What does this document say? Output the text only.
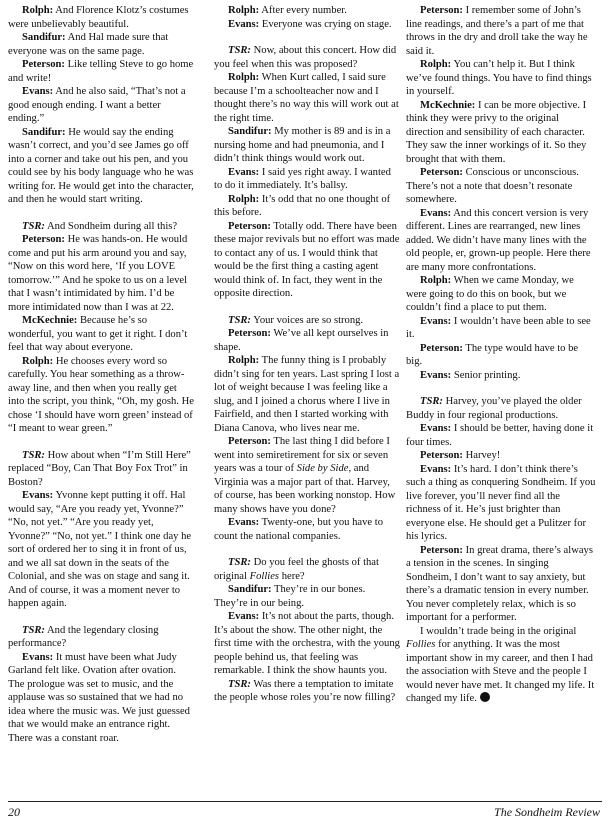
Rolph: And Florence Klotz’s costumes were unbelievably beautiful.

Sandifur: And Hal made sure that everyone was on the same page.

Peterson: Like telling Steve to go home and write!

Evans: And he also said, “That’s not a good enough ending. I want a better ending.”

Sandifur: He would say the ending wasn’t correct, and you’d see James go off into a corner and take out his pen, and you could see by his body language who he was writing for. He would get into the character, and then he would start writing.

TSR: And Sondheim during all this?

Peterson: He was hands-on. He would come and put his arm around you and say, “Now on this word here, ‘If you LOVE tomorrow.’” And he spoke to us on a level that I wasn’t intimidated by him. I’d be more intimidated now than I was at 22.

McKechnie: Because he’s so wonderful, you want to get it right. I don’t feel that way about everyone.

Rolph: He chooses every word so carefully. You hear something as a throw-away line, and then when you really get into the script, you think, “Oh, my gosh. He chose ‘I should have worn green’ instead of “I meant to wear green.”

TSR: How about when “I’m Still Here” replaced “Boy, Can That Boy Fox Trot” in Boston?

Evans: Yvonne kept putting it off. Hal would say, “Are you ready yet, Yvonne?” “No, not yet.” “Are you ready yet, Yvonne?” “No, not yet.” I think one day he sort of ordered her to sing it in front of us, and we all sat down in the seats of the Colonial, and she was on stage and sang it. And of course, it was a moment never to happen again.

TSR: And the legendary closing performance?

Evans: It must have been what Judy Garland felt like. Ovation after ovation. The prologue was set to music, and the applause was so sustained that we had no idea where the music was. We just guessed that we would make an entrance right. There was a constant roar.

Rolph: After every number.

Evans: Everyone was crying on stage.

TSR: Now, about this concert. How did you feel when this was proposed?

Rolph: When Kurt called, I said sure because I’m a schoolteacher now and I thought there’s no way this will work out at the right time.

Sandifur: My mother is 89 and is in a nursing home and had pneumonia, and I didn’t think things would work out.

Evans: I said yes right away. I wanted to do it immediately. It’s ballsy.

Rolph: It’s odd that no one thought of this before.

Peterson: Totally odd. There have been these major revivals but no effort was made to contact any of us. I would think that would be the first thing a casting agent would think of. In fact, they went in the opposite direction.

TSR: Your voices are so strong.

Peterson: We’ve all kept ourselves in shape.

Rolph: The funny thing is I probably didn’t sing for ten years. Last spring I lost a lot of weight because I was feeling like a slug, and I joined a chorus where I live in Fairfield, and then I started working with Diana Canova, who lives near me.

Peterson: The last thing I did before I went into semiretirement for six or seven years was a tour of Side by Side, and Virginia was a major part of that. Harvey, of course, has been working nonstop. How many shows have you done?

Evans: Twenty-one, but you have to count the national companies.

TSR: Do you feel the ghosts of that original Follies here?

Sandifur: They’re in our bones. They’re in our being.

Evans: It’s not about the parts, though. It’s about the show. The other night, the first time with the orchestra, with the young people behind us, that feeling was remarkable. I think the show haunts you.

TSR: Was there a temptation to imitate the people whose roles you’re now filling?

Peterson: I remember some of John’s line readings, and there’s a part of me that throws in the dry and droll take the way he said it.

Rolph: You can’t help it. But I think we’ve found things. You have to find things in yourself.

McKechnie: I can be more objective. I think they were privy to the original direction and sensibility of each character. They saw the inner workings of it. So they brought that with them.

Peterson: Conscious or unconscious. There’s not a note that doesn’t resonate somewhere.

Evans: And this concert version is very different. Lines are rearranged, new lines added. We didn’t have many lines with the old people, er, grown-up people. Here there are many more confrontations.

Rolph: When we came Monday, we were going to do this on book, but we couldn’t find a place to put them.

Evans: I wouldn’t have been able to see it.

Peterson: The type would have to be big.

Evans: Senior printing.

TSR: Harvey, you’ve played the older Buddy in four regional productions.

Evans: I should be better, having done it four times.

Peterson: Harvey!

Evans: It’s hard. I don’t think there’s such a thing as conquering Sondheim. If you live forever, you’ll never find all the richness of it. He’s just brighter than everyone else. He should get a Pulitzer for his lyrics.

Peterson: In great drama, there’s always a tension in the scenes. In singing Sondheim, I don’t want to say anxiety, but there’s a dramatic tension in every number. You never completely relax, which is so important for a performer.

I wouldn’t trade being in the original Follies for anything. It was the most important show in my career, and then I had the association with Steve and the people I would never have met. It changed my life. It changed my life.

20	The Sondheim Review
